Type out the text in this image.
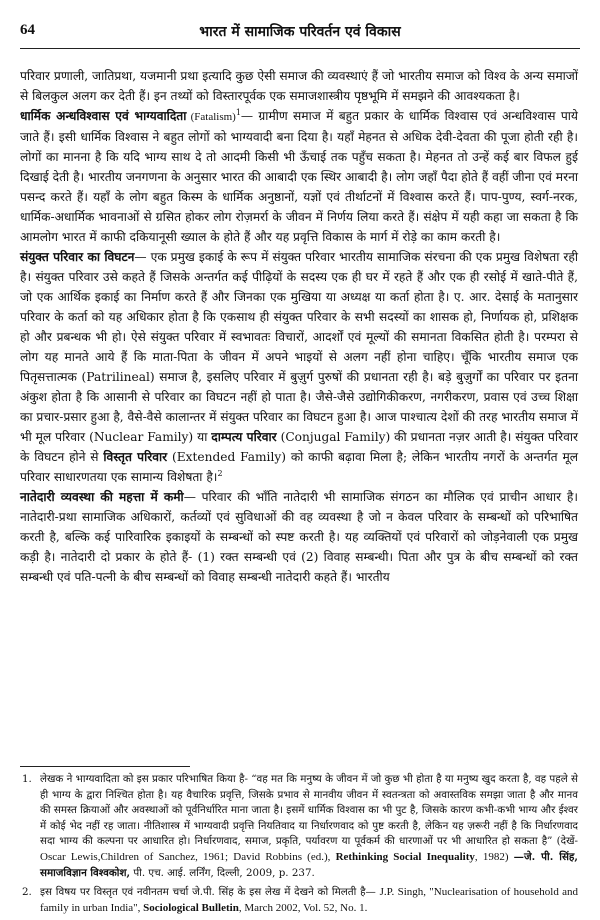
64	भारत में सामाजिक परिवर्तन एवं विकास

परिवार प्रणाली, जातिप्रथा, यजमानी प्रथा इत्यादि कुछ ऐसी समाज की व्यवस्थाएं हैं जो भारतीय समाज को विश्व के अन्य समाजों से बिलकुल अलग कर देती हैं। इन तथ्यों को विस्तारपूर्वक एक समाजशास्त्रीय पृष्ठभूमि में समझने की आवश्यकता है।

धार्मिक अन्धविश्वास एवं भाग्यवादिता (Fatalism)$^1$— ग्रामीण समाज में बहुत प्रकार के धार्मिक विश्वास एवं अन्धविश्वास पाये जाते हैं। इसी धार्मिक विश्वास ने बहुत लोगों को भाग्यवादी बना दिया है। यहाँ मेहनत से अधिक देवी-देवता की पूजा होती रही है। लोगों का मानना है कि यदि भाग्य साथ दे तो आदमी किसी भी ऊँचाई तक पहुँच सकता है। मेहनत तो उन्हें कई बार विफल हुई दिखाई देती है। भारतीय जनगणना के अनुसार भारत की आबादी एक स्थिर आबादी है। लोग जहाँ पैदा होते हैं वहीं जीना एवं मरना पसन्द करते हैं। यहाँ के लोग बहुत किस्म के धार्मिक अनुष्ठानों, यज्ञों एवं तीर्थाटनों में विश्वास करते हैं। पाप-पुण्य, स्वर्ग-नरक, धार्मिक-अधार्मिक भावनाओं से ग्रसित होकर लोग रोज़मर्रा के जीवन में निर्णय लिया करते हैं। संक्षेप में यही कहा जा सकता है कि आमलोग भारत में काफी दकियानूसी ख्याल के होते हैं और यह प्रवृत्ति विकास के मार्ग में रोड़े का काम करती है।

संयुक्त परिवार का विघटन— एक प्रमुख इकाई के रूप में संयुक्त परिवार भारतीय सामाजिक संरचना की एक प्रमुख विशेषता रही है। संयुक्त परिवार उसे कहते हैं जिसके अन्तर्गत कई पीढ़ियों के सदस्य एक ही घर में रहते हैं और एक ही रसोई में खाते-पीते हैं, जो एक आर्थिक इकाई का निर्माण करते हैं और जिनका एक मुखिया या अध्यक्ष या कर्ता होता है। ए. आर. देसाई के मतानुसार परिवार के कर्ता को यह अधिकार होता है कि एकसाथ ही संयुक्त परिवार के सभी सदस्यों का शासक हो, निर्णायक हो, प्रशिक्षक हो और प्रबन्धक भी हो। ऐसे संयुक्त परिवार में स्वभावतः विचारों, आदर्शों एवं मूल्यों की समानता विकसित होती है। परम्परा से लोग यह मानते आये हैं कि माता-पिता के जीवन में अपने भाइयों से अलग नहीं होना चाहिए। चूँकि भारतीय समाज एक पितृसत्तात्मक (Patrilineal) समाज है, इसलिए परिवार में बुज़ुर्ग पुरुषों की प्रधानता रही है। बड़े बुज़ुर्गों का परिवार पर इतना अंकुश होता है कि आसानी से परिवार का विघटन नहीं हो पाता है। जैसे-जैसे उद्योगिकीकरण, नगरीकरण, प्रवास एवं उच्च शिक्षा का प्रचार-प्रसार हुआ है, वैसे-वैसे कालान्तर में संयुक्त परिवार का विघटन हुआ है। आज पाश्चात्य देशों की तरह भारतीय समाज में भी मूल परिवार (Nuclear Family) या दाम्पत्य परिवार (Conjugal Family) की प्रधानता नज़र आती है। संयुक्त परिवार के विघटन होने से विस्तृत परिवार (Extended Family) को काफी बढ़ावा मिला है; लेकिन भारतीय नगरों के अन्तर्गत मूल परिवार साधारणतया एक सामान्य विशेषता है।$^2$

नातेदारी व्यवस्था की महत्ता में कमी— परिवार की भाँति नातेदारी भी सामाजिक संगठन का मौलिक एवं प्राचीन आधार है। नातेदारी-प्रथा सामाजिक अधिकारों, कर्तव्यों एवं सुविधाओं की वह व्यवस्था है जो न केवल परिवार के सम्बन्धों को परिभाषित करती है, बल्कि कई पारिवारिक इकाइयों के सम्बन्धों को स्पष्ट करती है। यह व्यक्तियों एवं परिवारों को जोड़नेवाली एक प्रमुख कड़ी है। नातेदारी दो प्रकार के होते हैं- (1) रक्त सम्बन्धी एवं (2) विवाह सम्बन्धी। पिता और पुत्र के बीच सम्बन्धों को रक्त सम्बन्धी एवं पति-पत्नी के बीच सम्बन्धों को विवाह सम्बन्धी नातेदारी कहते हैं। भारतीय

1. लेखक ने भाग्यवादिता को इस प्रकार परिभाषित किया है- “वह मत कि मनुष्य के जीवन में जो कुछ भी होता है या मनुष्य खुद करता है, वह पहले से ही भाग्य के द्वारा निश्चित होता है। यह वैचारिक प्रवृत्ति, जिसके प्रभाव से मानवीय जीवन में स्वतन्त्रता को अवास्तविक समझा जाता है और मानव की समस्त क्रियाओं और अवस्थाओं को पूर्वनिर्धारित माना जाता है। इसमें धार्मिक विश्वास का भी पुट है, जिसके कारण कभी-कभी भाग्य और ईश्वर में कोई भेद नहीं रह जाता। नीतिशास्त्र में भाग्यवादी प्रवृत्ति नियतिवाद या निर्धारणवाद को पुष्ट करती है, लेकिन यह ज़रूरी नहीं है कि निर्धारणवाद सदा भाग्य की कल्पना पर आधारित हो। निर्धारणवाद, समाज, प्रकृति, पर्यावरण या पूर्वकर्म की धारणाओं पर भी आधारित हो सकता है” (देखें- Oscar Lewis,Children of Sanchez, 1961; David Robbins (ed.), Rethinking Social Inequality, 1982) —जे. पी. सिंह, समाजविज्ञान विश्वकोश, पी. एच. आई. लर्निंग, दिल्ली, 2009, p. 237.
2. इस विषय पर विस्तृत एवं नवीनतम चर्चा जे.पी. सिंह के इस लेख में देखने को मिलती है— J.P. Singh, "Nuclearisation of household and family in urban India", Sociological Bulletin, March 2002, Vol. 52, No. 1.
